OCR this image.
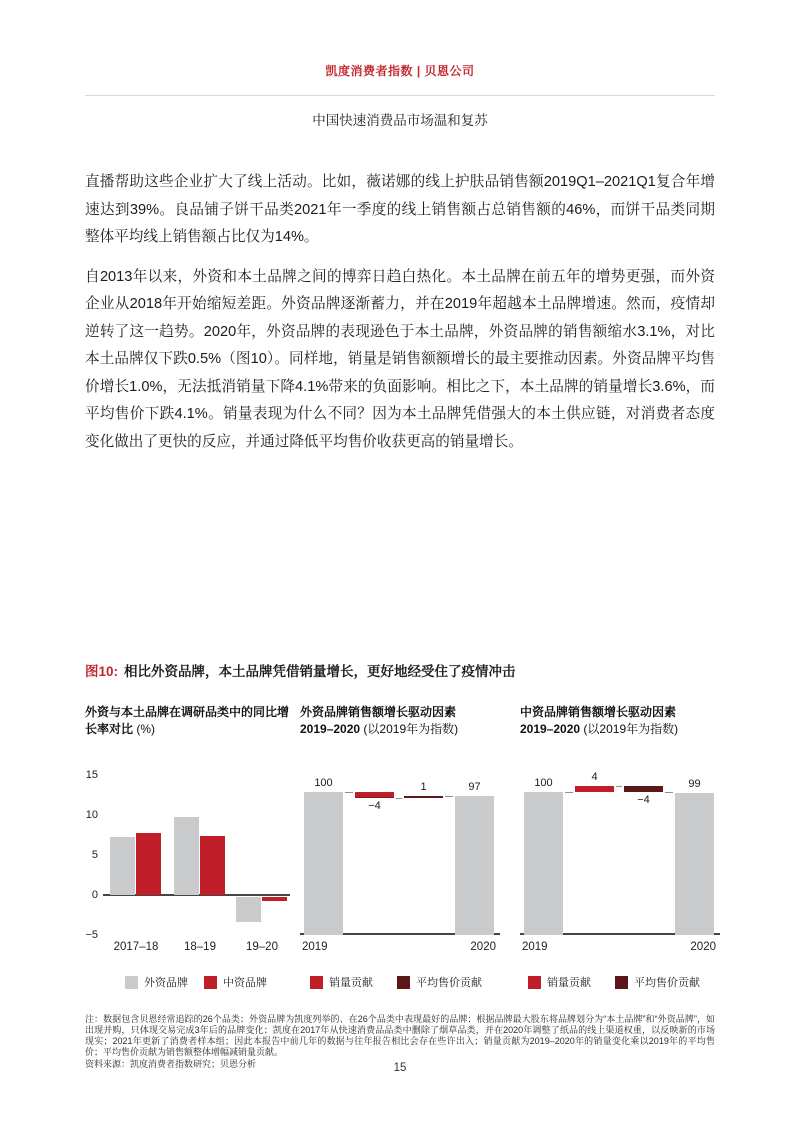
凯度消费者指数 | 贝恩公司
中国快速消费品市场温和复苏

直播帮助这些企业扩大了线上活动。比如，薇诺娜的线上护肤品销售额2019Q1–2021Q1复合年增速达到39%。良品铺子饼干品类2021年一季度的线上销售额占总销售额的46%，而饼干品类同期整体平均线上销售额占比仅为14%。

自2013年以来，外资和本土品牌之间的博弈日趋白热化。本土品牌在前五年的增势更强，而外资企业从2018年开始缩短差距。外资品牌逐渐蓄力，并在2019年超越本土品牌增速。然而，疫情却逆转了这一趋势。2020年，外资品牌的表现逊色于本土品牌，外资品牌的销售额缩水3.1%，对比本土品牌仅下跌0.5%（图10）。同样地，销量是销售额额增长的最主要推动因素。外资品牌平均售价增长1.0%，无法抵消销量下降4.1%带来的负面影响。相比之下，本土品牌的销量增长3.6%，而平均售价下跌4.1%。销量表现为什么不同？因为本土品牌凭借强大的本土供应链，对消费者态度变化做出了更快的反应，并通过降低平均售价收获更高的销量增长。

图10: 相比外资品牌，本土品牌凭借销量增长，更好地经受住了疫情冲击
外资与本土品牌在调研品类中的同比增长率对比 (%)
15
10
5
0
−5
2017–18	18–19	19–20
外资品牌	中资品牌
外资品牌销售额增长驱动因素
2019–2020 (以2019年为指数)
100
−4
1	97
2019	2020
销量贡献	平均售价贡献
中资品牌销售额增长驱动因素
2019–2020 (以2019年为指数)
100	4
−4
99
2019	2020
销量贡献	平均售价贡献
注：数据包含贝恩经常追踪的26个品类；外资品牌为凯度列举的、在26个品类中表现最好的品牌；根据品牌最大股东将品牌划分为“本土品牌”和“外资品牌”，如出现并购，只体现交易完成3年后的品牌变化；凯度在2017年从快速消费品品类中删除了烟草品类，并在2020年调整了纸品的线上渠道权重，以反映新的市场现实；2021年更新了消费者样本组；因此本报告中前几年的数据与往年报告相比会存在些许出入；销量贡献为2019–2020年的销量变化乘以2019年的平均售价；平均售价贡献为销售额整体增幅减销量贡献。
资料来源：凯度消费者指数研究；贝恩分析	15
